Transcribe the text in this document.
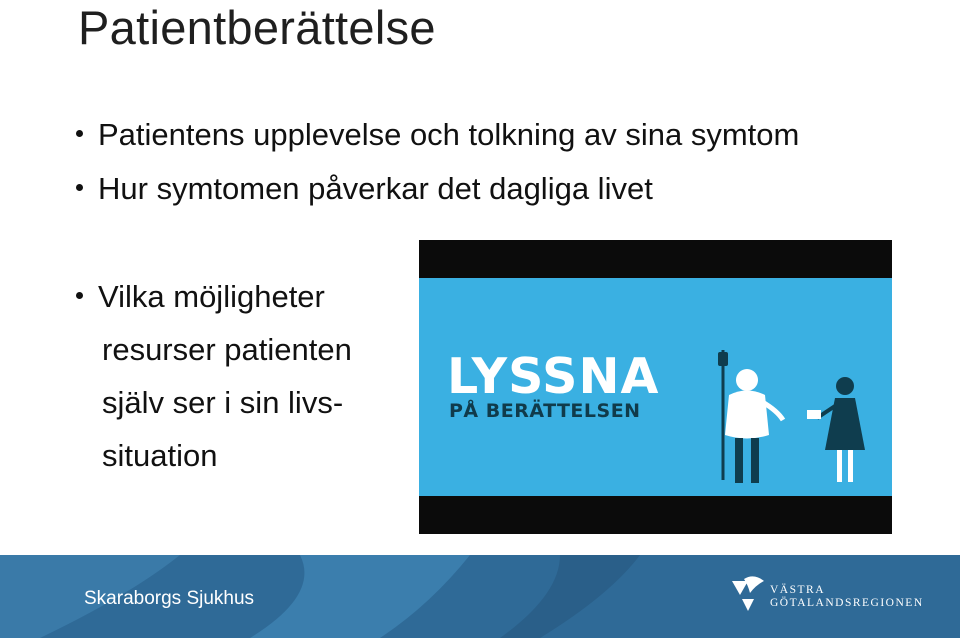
Patientberättelse
Patientens upplevelse och tolkning av sina symtom
Hur symtomen påverkar det dagliga livet
Vilka möjligheter
resurser patienten
själv ser i sin livs-
situation
LYSSNA
PÅ BERÄTTELSEN
Skaraborgs Sjukhus	VÄSTRA
GÖTALANDSREGIONEN
